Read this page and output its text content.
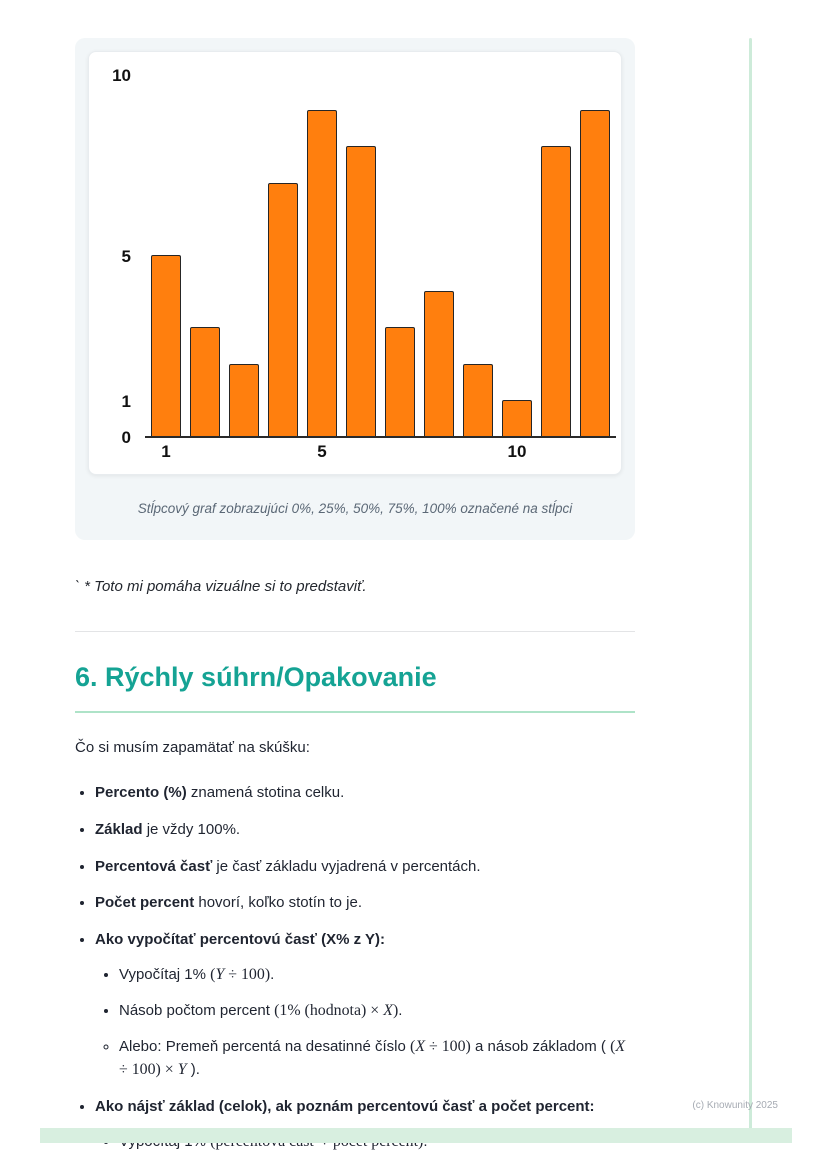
0
1
5
10
1	5	10
Stĺpcový graf zobrazujúci 0%, 25%, 50%, 75%, 100% označené na stĺpci

` * Toto mi pomáha vizuálne si to predstaviť.

6. Rýchly súhrn/Opakovanie

Čo si musím zapamätať na skúšku:

• Percento (%) znamená stotina celku.
• Základ je vždy 100%.
• Percentová časť je časť základu vyjadrená v percentách.
• Počet percent hovorí, koľko stotín to je.
• Ako vypočítať percentovú časť (X% z Y):
• Vypočítaj 1% (Y ÷ 100).
• Násob počtom percent (1% (hodnota) × X).
◦ Alebo: Premeň percentá na desatinné číslo (X ÷ 100) a násob základom ( (X ÷ 100) × Y ).
• Ako nájsť základ (celok), ak poznám percentovú časť a počet percent:
•	(c) Knowunity 2025
